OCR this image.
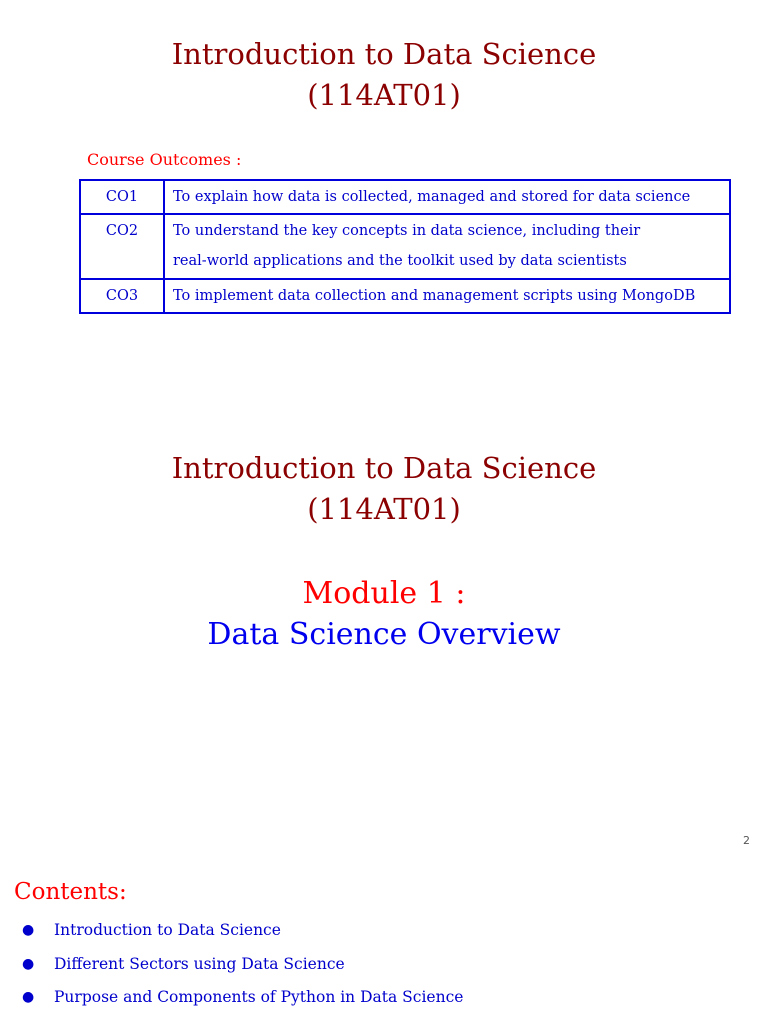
Introduction to Data Science
(114AT01)
Course Outcomes :
CO1	To explain how data is collected, managed and stored for data science

CO2	To understand the key concepts in data science, including their
real-world applications and the toolkit used by data scientists

CO3	To implement data collection and management scripts using MongoDB
Introduction to Data Science
(114AT01)
Module 1 :
Data Science Overview
2
Contents:
● Introduction to Data Science
● Different Sectors using Data Science
● Purpose and Components of Python in Data Science
